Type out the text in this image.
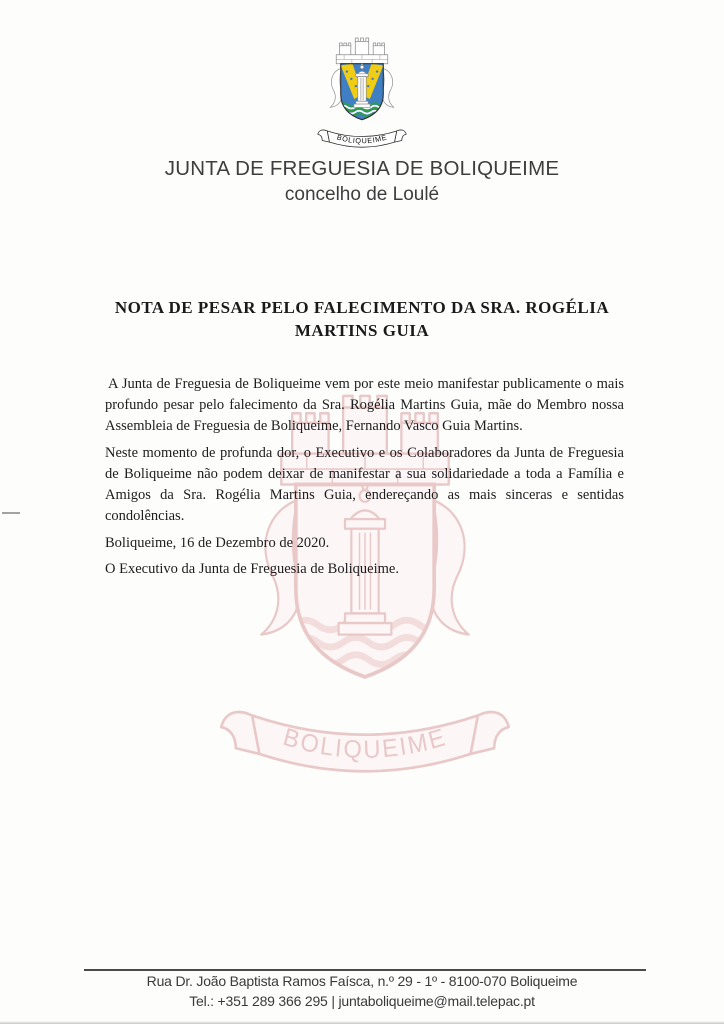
JUNTA DE FREGUESIA DE BOLIQUEIME
concelho de Loulé
NOTA DE PESAR PELO FALECIMENTO DA SRA. ROGÉLIA
MARTINS GUIA
A Junta de Freguesia de Boliqueime vem por este meio manifestar publicamente o mais
profundo pesar pelo falecimento da Sra. Rogélia Martins Guia, mãe do Membro nossa
Assembleia de Freguesia de Boliqueime, Fernando Vasco Guia Martins.
Neste momento de profunda dor, o Executivo e os Colaboradores da Junta de Freguesia
de Boliqueime não podem deixar de manifestar a sua solidariedade a toda a Família e
Amigos da Sra. Rogélia Martins Guia, endereçando as mais sinceras e sentidas
condolências.
Boliqueime, 16 de Dezembro de 2020.
O Executivo da Junta de Freguesia de Boliqueime.
Rua Dr. João Baptista Ramos Faísca, n.º 29 - 1º - 8100-070 Boliqueime
Tel.: +351 289 366 295 | juntaboliqueime@mail.telepac.pt
